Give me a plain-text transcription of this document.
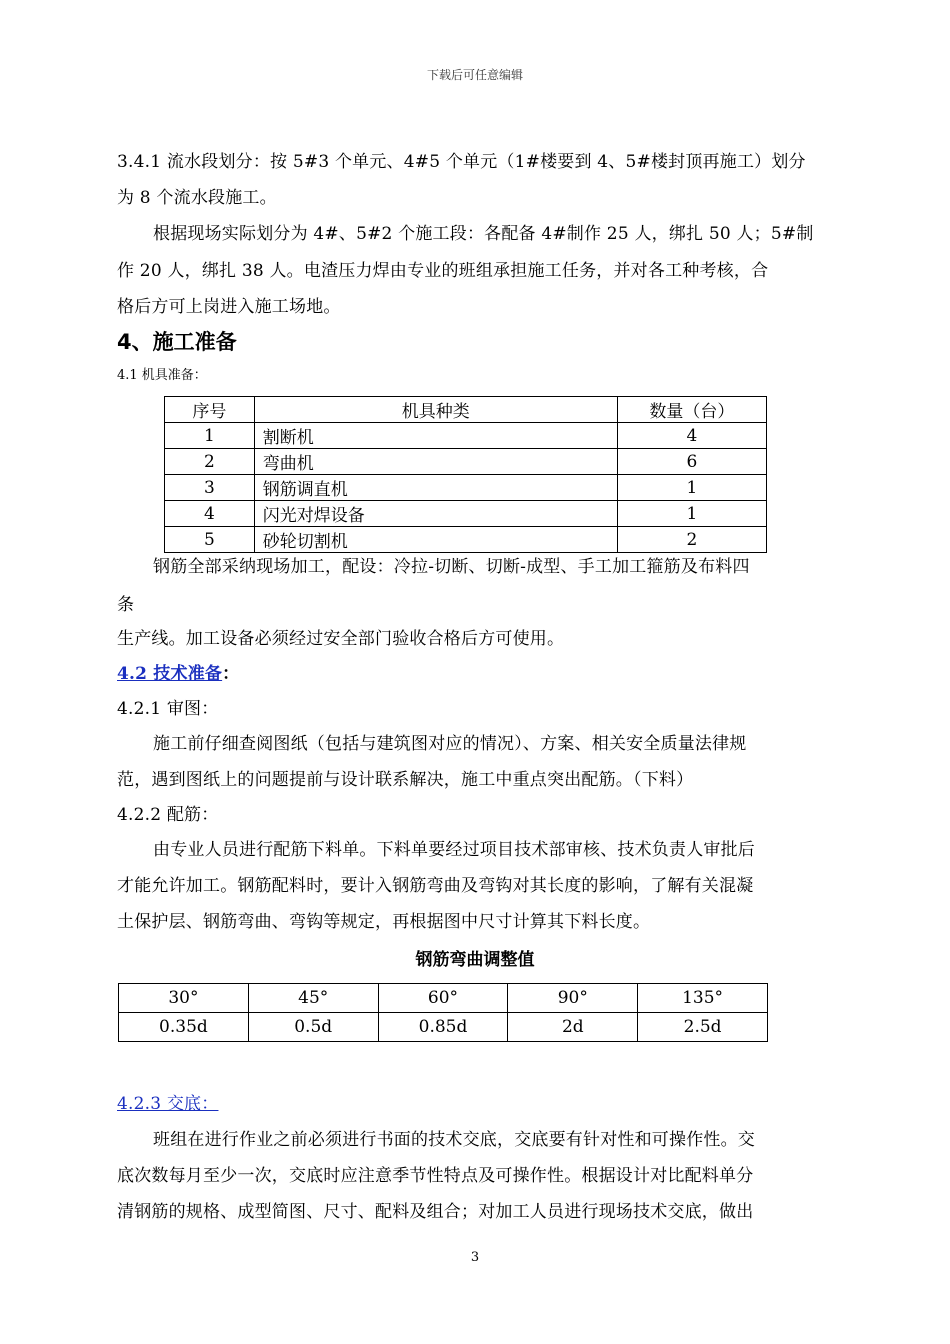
下载后可任意编辑
3.4.1 流水段划分：按 5#3 个单元、4#5 个单元（1#楼要到 4、5#楼封顶再施工）划分
为 8 个流水段施工。
根据现场实际划分为 4#、5#2 个施工段：各配备 4#制作 25 人，绑扎 50 人；5#制
作 20 人，绑扎 38 人。电渣压力焊由专业的班组承担施工任务，并对各工种考核，合
格后方可上岗进入施工场地。
4、施工准备
4.1 机具准备：
序号	机具种类	数量（台）
1	割断机	4
2	弯曲机	6
3	钢筋调直机	1
4	闪光对焊设备	1
5	砂轮切割机	2
钢筋全部采纳现场加工，配设：冷拉-切断、切断-成型、手工加工箍筋及布料四
条
生产线。加工设备必须经过安全部门验收合格后方可使用。
4.2 技术准备：
4.2.1 审图：
施工前仔细查阅图纸（包括与建筑图对应的情况）、方案、相关安全质量法律规
范，遇到图纸上的问题提前与设计联系解决，施工中重点突出配筋。（下料）
4.2.2 配筋：
由专业人员进行配筋下料单。下料单要经过项目技术部审核、技术负责人审批后
才能允许加工。钢筋配料时，要计入钢筋弯曲及弯钩对其长度的影响，了解有关混凝
土保护层、钢筋弯曲、弯钩等规定，再根据图中尺寸计算其下料长度。
钢筋弯曲调整值
30°	45°	60°	90°	135°
0.35d	0.5d	0.85d	2d	2.5d
4.2.3 交底：
班组在进行作业之前必须进行书面的技术交底，交底要有针对性和可操作性。交
底次数每月至少一次，交底时应注意季节性特点及可操作性。根据设计对比配料单分
清钢筋的规格、成型简图、尺寸、配料及组合；对加工人员进行现场技术交底，做出
3
